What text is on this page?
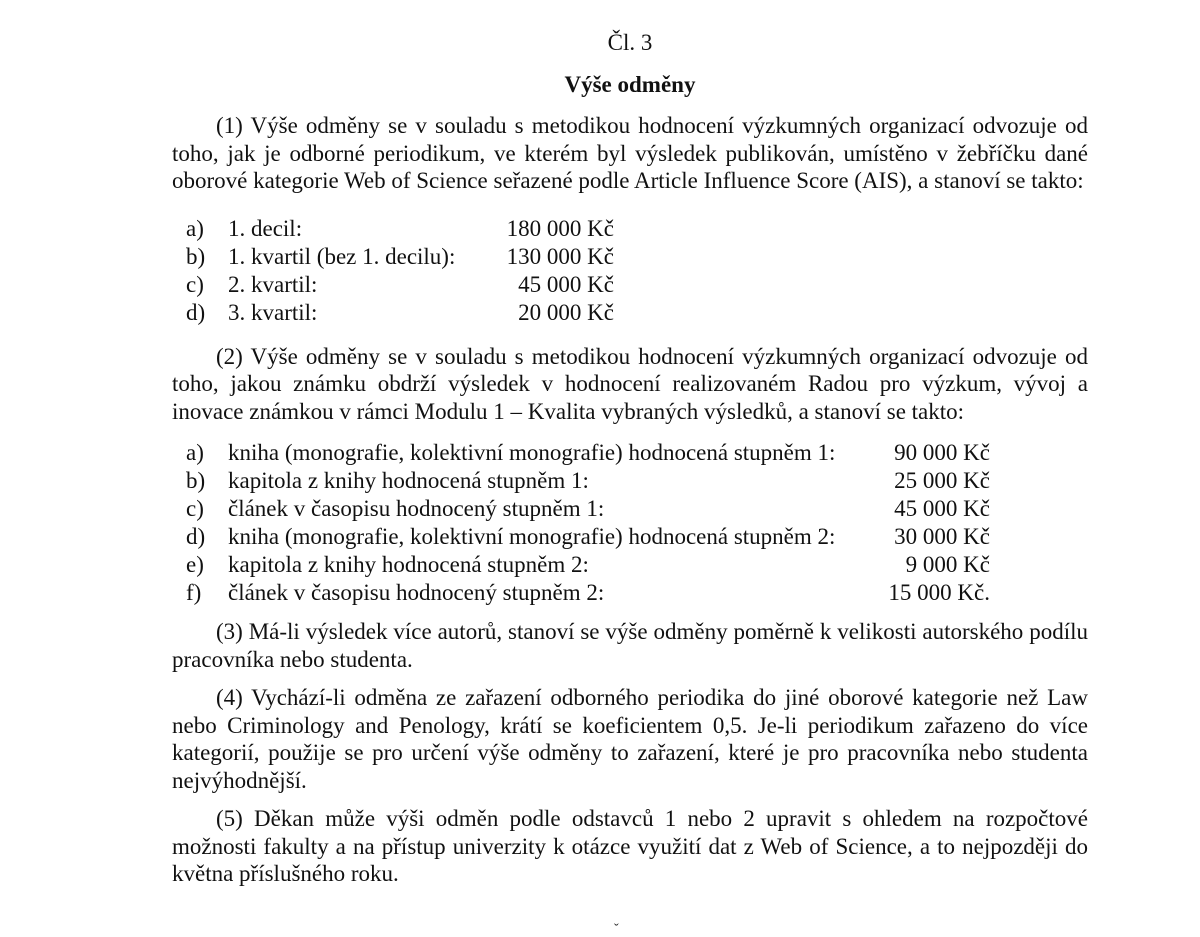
Čl. 3
Výše odměny

(1) Výše odměny se v souladu s metodikou hodnocení výzkumných organizací odvozuje od toho, jak je odborné periodikum, ve kterém byl výsledek publikován, umístěno v žebříčku dané oborové kategorie Web of Science seřazené podle Article Influence Score (AIS), a stanoví se takto:

a) 1. decil:	180 000 Kč
b) 1. kvartil (bez 1. decilu): 130 000 Kč
c) 2. kvartil:	45 000 Kč
d) 3. kvartil:	20 000 Kč

(2) Výše odměny se v souladu s metodikou hodnocení výzkumných organizací odvozuje od toho, jakou známku obdrží výsledek v hodnocení realizovaném Radou pro výzkum, vývoj a inovace známkou v rámci Modulu 1 – Kvalita vybraných výsledků, a stanoví se takto:

a) kniha (monografie, kolektivní monografie) hodnocená stupněm 1:	90 000 Kč
b) kapitola z knihy hodnocená stupněm 1:	25 000 Kč
c) článek v časopisu hodnocený stupněm 1:	45 000 Kč
d) kniha (monografie, kolektivní monografie) hodnocená stupněm 2:	30 000 Kč
e) kapitola z knihy hodnocená stupněm 2:	9 000 Kč
f) článek v časopisu hodnocený stupněm 2:	15 000 Kč.

(3) Má-li výsledek více autorů, stanoví se výše odměny poměrně k velikosti autorského podílu pracovníka nebo studenta.

(4) Vychází-li odměna ze zařazení odborného periodika do jiné oborové kategorie než Law nebo Criminology and Penology, krátí se koeficientem 0,5. Je-li periodikum zařazeno do více kategorií, použije se pro určení výše odměny to zařazení, které je pro pracovníka nebo studenta nejvýhodnější.

(5) Děkan může výši odměn podle odstavců 1 nebo 2 upravit s ohledem na rozpočtové možnosti fakulty a na přístup univerzity k otázce využití dat z Web of Science, a to nejpozději do května příslušného roku.

ˇ
